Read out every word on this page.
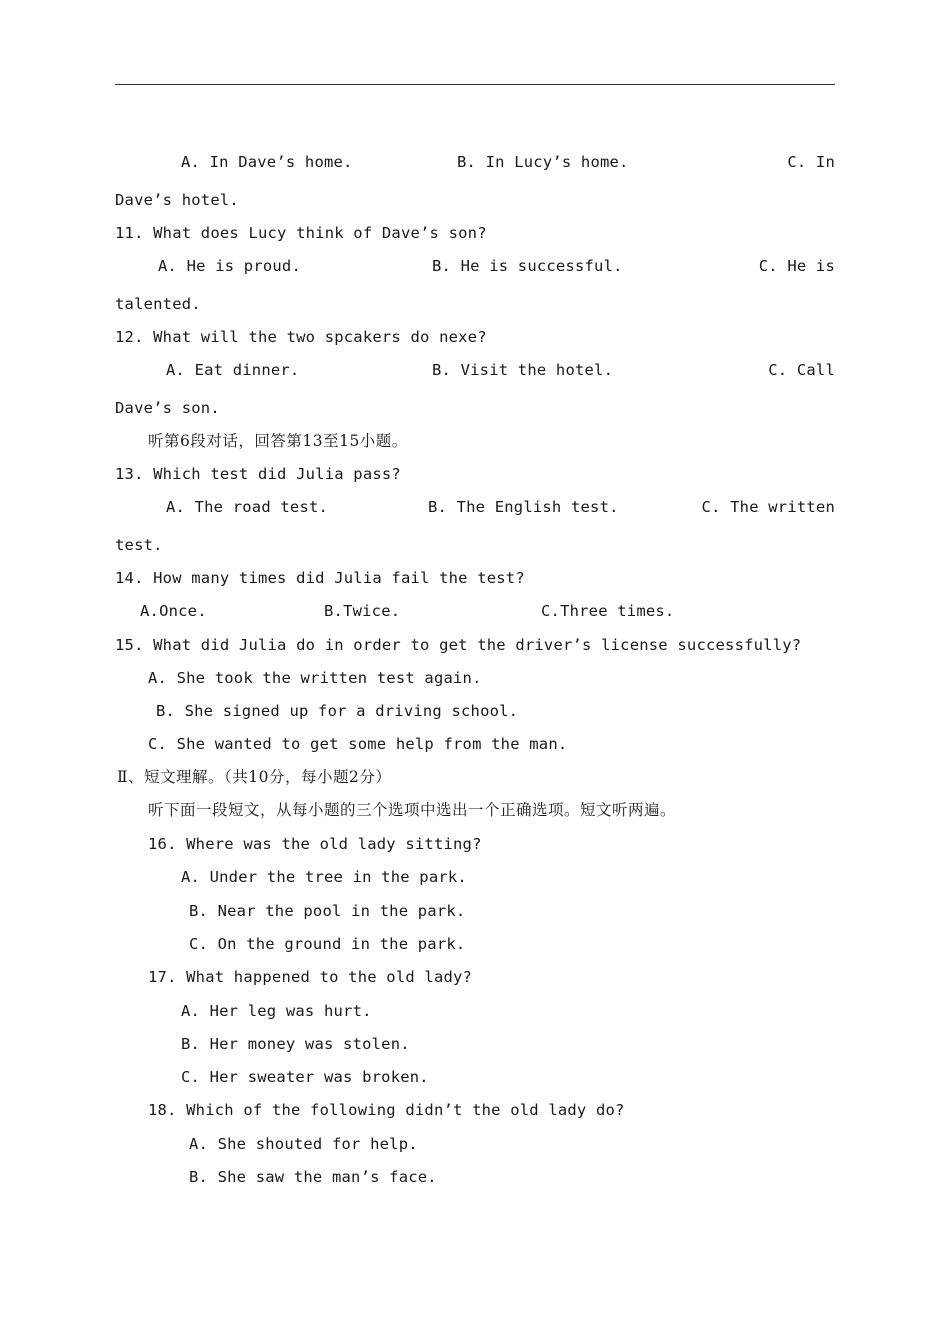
A. In Dave’s home.	B. In Lucy’s home.	C. In
Dave’s hotel.
11. What does Lucy think of Dave’s son?
A. He is proud.	B. He is successful.	C. He is
talented.
12. What will the two spcakers do nexe?
A. Eat dinner.	B. Visit the hotel.	C. Call
Dave’s son.
听第6段对话，回答第13至15小题。
13. Which test did Julia pass?
A. The road test.	B. The English test.	C. The written
test.
14. How many times did Julia fail the test?
A.Once.	B.Twice.	C.Three times.
15. What did Julia do in order to get the driver’s license successfully?
A. She took the written test again.
B. She signed up for a driving school.
C. She wanted to get some help from the man.
Ⅱ、短文理解。（共10分，每小题2分）
听下面一段短文，从每小题的三个选项中选出一个正确选项。短文听两遍。
16. Where was the old lady sitting?
A. Under the tree in the park.
B. Near the pool in the park.
C. On the ground in the park.
17. What happened to the old lady?
A. Her leg was hurt.
B. Her money was stolen.
C. Her sweater was broken.
18. Which of the following didn’t the old lady do?
A. She shouted for help.
B. She saw the man’s face.
